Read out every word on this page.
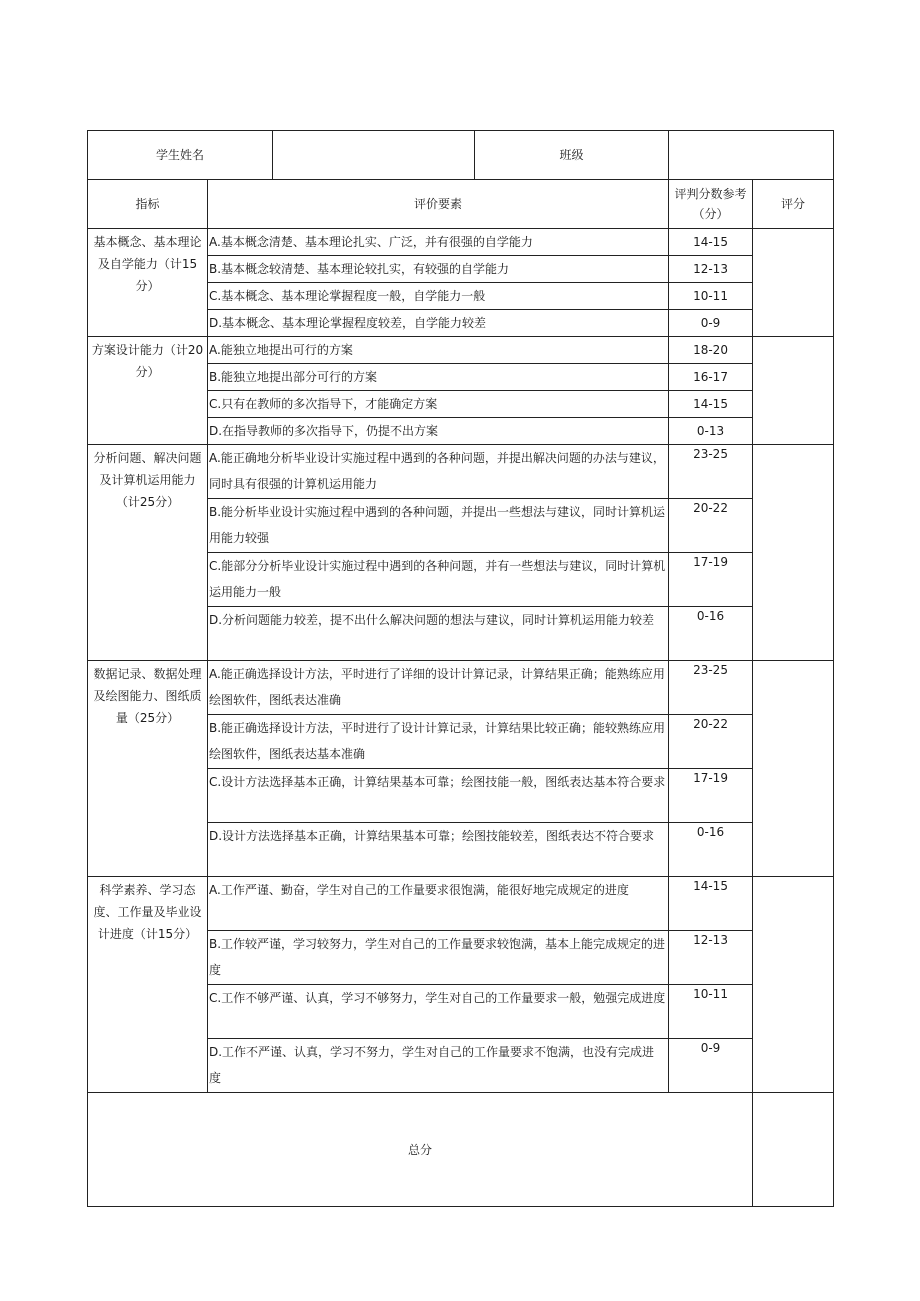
学生姓名			班级		
指标	评价要素			评判分数参考（分）	评分
基本概念、基本理论及自学能力（计15分）	A.基本概念清楚、基本理论扎实、广泛，并有很强的自学能力			14-15	
	B.基本概念较清楚、基本理论较扎实，有较强的自学能力			12-13	
	C.基本概念、基本理论掌握程度一般，自学能力一般			10-11	
	D.基本概念、基本理论掌握程度较差，自学能力较差			0-9	
方案设计能力（计20分）	A.能独立地提出可行的方案			18-20	
	B.能独立地提出部分可行的方案			16-17	
	C.只有在教师的多次指导下，才能确定方案			14-15	
	D.在指导教师的多次指导下，仍提不出方案			0-13	
分析问题、解决问题及计算机运用能力（计25分）	A.能正确地分析毕业设计实施过程中遇到的各种问题，并提出解决问题的办法与建议，同时具有很强的计算机运用能力			23-25	
	B.能分析毕业设计实施过程中遇到的各种问题，并提出一些想法与建议，同时计算机运用能力较强			20-22	
	C.能部分分析毕业设计实施过程中遇到的各种问题，并有一些想法与建议，同时计算机运用能力一般			17-19	
	D.分析问题能力较差，提不出什么解决问题的想法与建议，同时计算机运用能力较差			0-16	
数据记录、数据处理及绘图能力、图纸质量（25分）	A.能正确选择设计方法，平时进行了详细的设计计算记录，计算结果正确；能熟练应用绘图软件，图纸表达准确			23-25	
	B.能正确选择设计方法，平时进行了设计计算记录，计算结果比较正确；能较熟练应用绘图软件，图纸表达基本准确			20-22	
	C.设计方法选择基本正确，计算结果基本可靠；绘图技能一般，图纸表达基本符合要求			17-19	
	D.设计方法选择基本正确，计算结果基本可靠；绘图技能较差，图纸表达不符合要求			0-16	
科学素养、学习态度、工作量及毕业设计进度（计15分）	A.工作严谨、勤奋，学生对自己的工作量要求很饱满，能很好地完成规定的进度			14-15	
	B.工作较严谨，学习较努力，学生对自己的工作量要求较饱满，基本上能完成规定的进度			12-13	
	C.工作不够严谨、认真，学习不够努力，学生对自己的工作量要求一般，勉强完成进度			10-11	
	D.工作不严谨、认真，学习不努力，学生对自己的工作量要求不饱满，也没有完成进度			0-9	
总分					
